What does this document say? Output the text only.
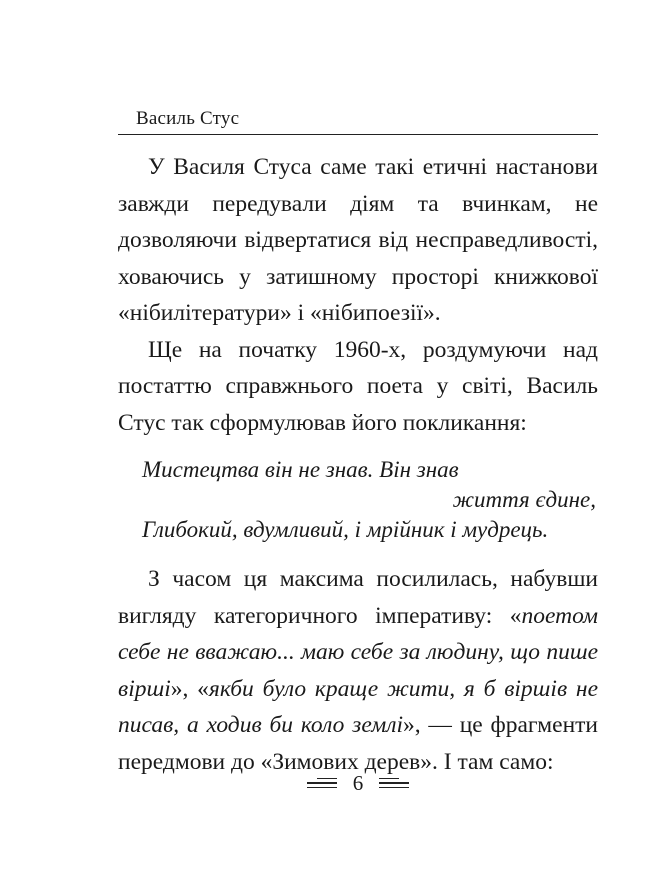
Василь Стус

У Василя Стуса саме такі етичні настанови завжди передували діям та вчинкам, не дозволяючи відвертатися від несправедливості, ховаючись у затишному просторі книжкової «нібилітератури» і «нібипоезії».

Ще на початку 1960-х, роздумуючи над постаттю справжнього поета у світі, Василь Стус так сформулював його покликання:

Мистецтва він не знав. Він знав
життя єдине,
Глибокий, вдумливий, і мрійник і мудрець.

З часом ця максима посилилась, набувши вигляду категоричного імперативу: «поетом себе не вважаю... маю себе за людину, що пише вірші», «якби було краще жити, я б віршів не писав, а ходив би коло землі», — це фрагменти передмови до «Зимових дерев». І там само:

6
